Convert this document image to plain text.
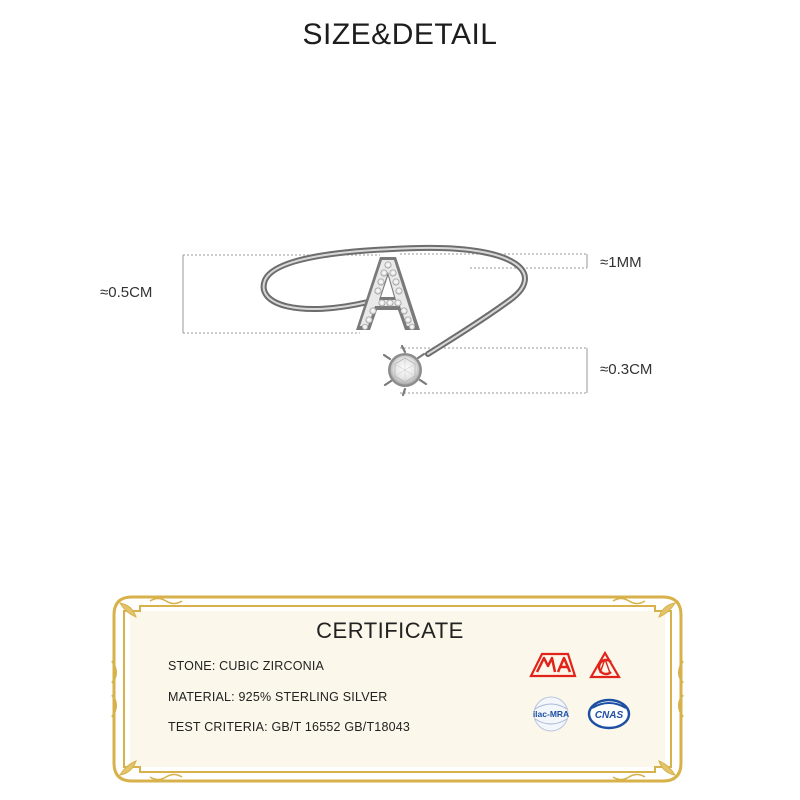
SIZE&DETAIL
≈0.5CM
≈1MM
≈0.3CM
CERTIFICATE
STONE: CUBIC ZIRCONIA
MATERIAL: 925% STERLING SILVER
TEST CRITERIA: GB/T 16552 GB/T18043
ilac-MRA	CNAS
